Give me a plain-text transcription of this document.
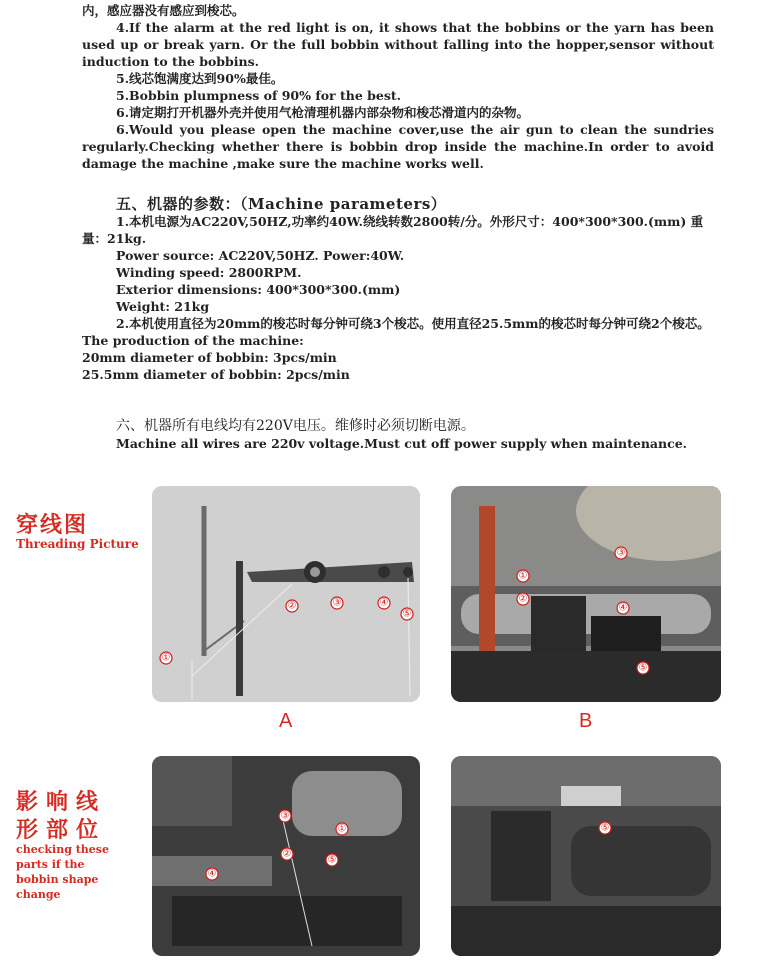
内，感应器没有感应到梭芯。

4.If the alarm at the red light is on, it shows that the bobbins or the yarn has been used up or break yarn. Or the full bobbin without falling into the hopper,sensor without induction to the bobbins.

5.线芯饱满度达到90%最佳。

5.Bobbin plumpness of 90% for the best.

6.请定期打开机器外壳并使用气枪清理机器内部杂物和梭芯滑道内的杂物。

6.Would you please open the machine cover,use the air gun to clean the sundries regularly.Checking whether there is bobbin drop inside the machine.In order to avoid damage the machine ,make sure the machine works well.

五、机器的参数：（Machine parameters）

1.本机电源为AC220V,50HZ,功率约40W.绕线转数2800转/分。外形尺寸：400*300*300.(mm) 重量：21kg.

Power source: AC220V,50HZ. Power:40W.

Winding speed: 2800RPM.

Exterior dimensions: 400*300*300.(mm)

Weight: 21kg

2.本机使用直径为20mm的梭芯时每分钟可绕3个梭芯。使用直径25.5mm的梭芯时每分钟可绕2个梭芯。

The production of the machine:

20mm diameter of bobbin: 3pcs/min

25.5mm diameter of bobbin: 2pcs/min

六、机器所有电线均有220V电压。维修时必须切断电源。

Machine all wires are 220v voltage.Must cut off power supply when maintenance.

穿线图
Threading Picture
影响线
形部位
checking these parts if the bobbin shape change
①
②	③	④
⑤
A
①
②
③
④
⑤
B
①
②
③
④
⑤
⑤
